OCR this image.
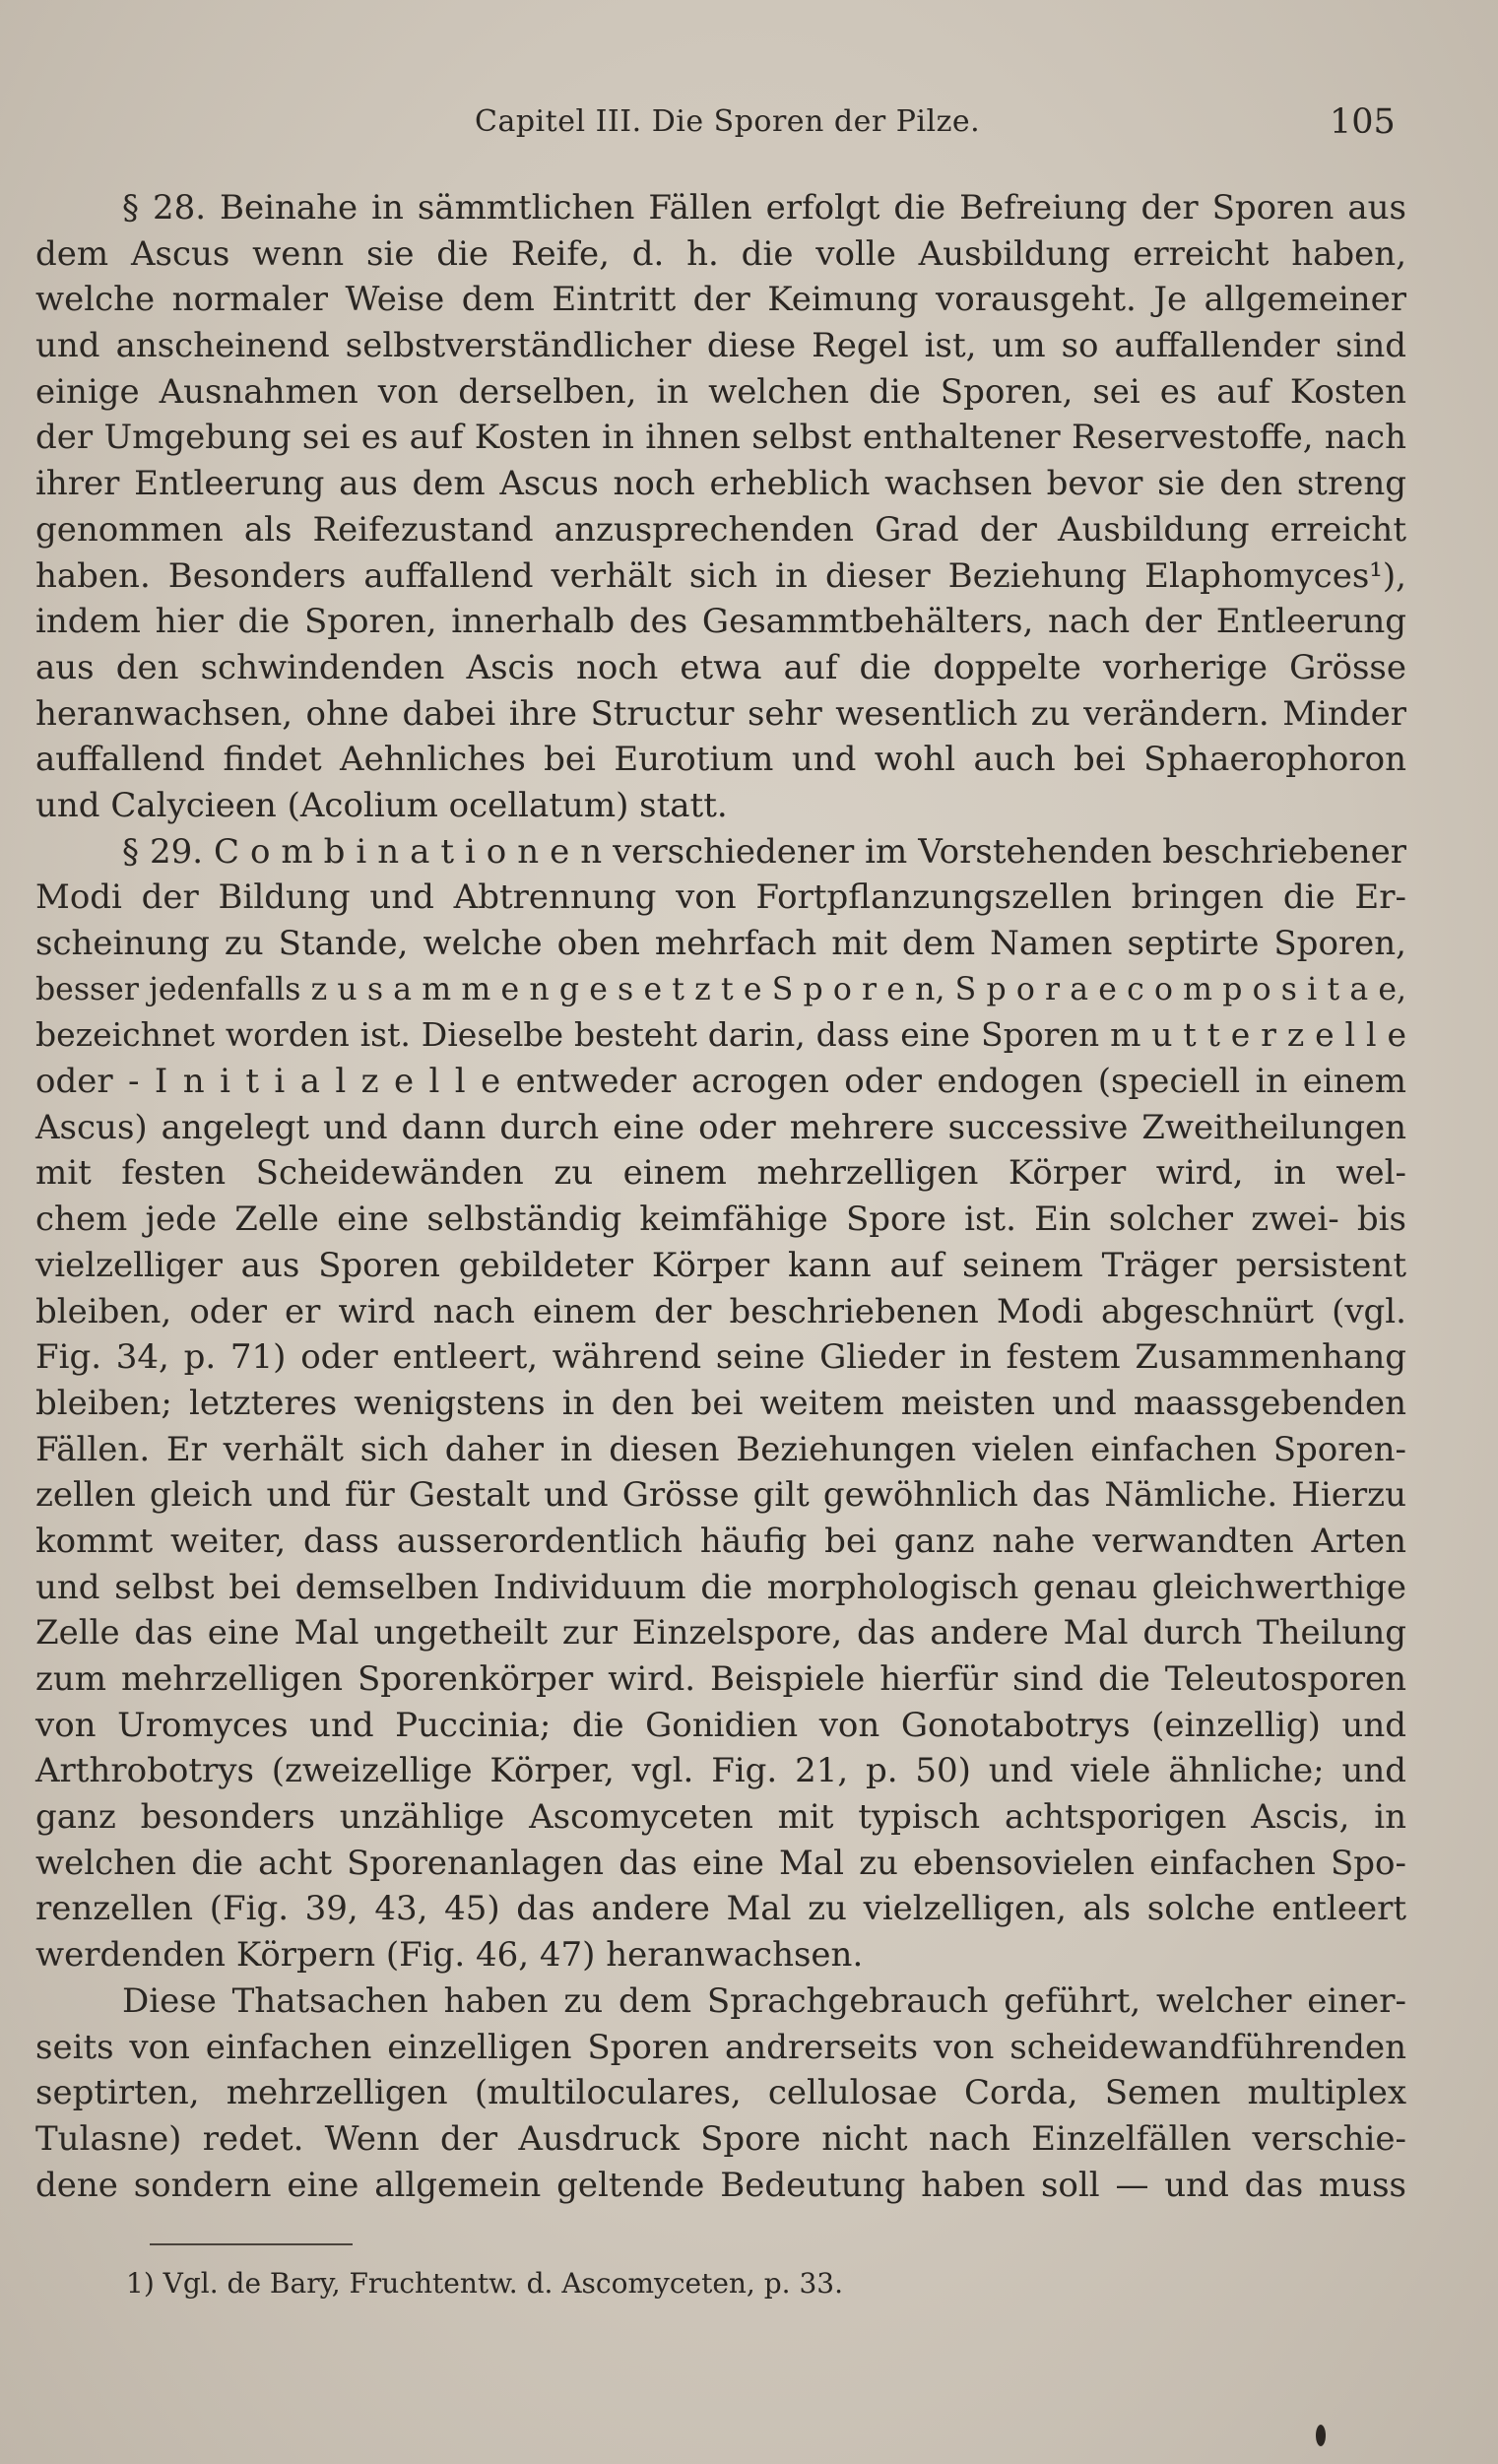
Capitel III. Die Sporen der Pilze.	105
§ 28. Beinahe in sämmtlichen Fällen erfolgt die Befreiung der Sporen aus
dem Ascus wenn sie die Reife, d. h. die volle Ausbildung erreicht haben,
welche normaler Weise dem Eintritt der Keimung vorausgeht. Je allgemeiner
und anscheinend selbstverständlicher diese Regel ist, um so auffallender sind
einige Ausnahmen von derselben, in welchen die Sporen, sei es auf Kosten
der Umgebung sei es auf Kosten in ihnen selbst enthaltener Reservestoffe, nach
ihrer Entleerung aus dem Ascus noch erheblich wachsen bevor sie den streng
genommen als Reifezustand anzusprechenden Grad der Ausbildung erreicht
haben. Besonders auffallend verhält sich in dieser Beziehung Elaphomyces¹),
indem hier die Sporen, innerhalb des Gesammtbehälters, nach der Entleerung
aus den schwindenden Ascis noch etwa auf die doppelte vorherige Grösse
heranwachsen, ohne dabei ihre Structur sehr wesentlich zu verändern. Minder
auffallend findet Aehnliches bei Eurotium und wohl auch bei Sphaerophoron
und Calycieen (Acolium ocellatum) statt.
§ 29. C o m b i n a t i o n e n verschiedener im Vorstehenden beschriebener
Modi der Bildung und Abtrennung von Fortpflanzungszellen bringen die Er-
scheinung zu Stande, welche oben mehrfach mit dem Namen septirte Sporen,
besser jedenfalls z u s a m m e n g e s e t z t e S p o r e n, S p o r a e c o m p o s i t a e,
bezeichnet worden ist. Dieselbe besteht darin, dass eine Sporen m u t t e r z e l l e
oder - I n i t i a l z e l l e entweder acrogen oder endogen (speciell in einem
Ascus) angelegt und dann durch eine oder mehrere successive Zweitheilungen
mit festen Scheidewänden zu einem mehrzelligen Körper wird, in wel-
chem jede Zelle eine selbständig keimfähige Spore ist. Ein solcher zwei- bis
vielzelliger aus Sporen gebildeter Körper kann auf seinem Träger persistent
bleiben, oder er wird nach einem der beschriebenen Modi abgeschnürt (vgl.
Fig. 34, p. 71) oder entleert, während seine Glieder in festem Zusammenhang
bleiben; letzteres wenigstens in den bei weitem meisten und maassgebenden
Fällen. Er verhält sich daher in diesen Beziehungen vielen einfachen Sporen-
zellen gleich und für Gestalt und Grösse gilt gewöhnlich das Nämliche. Hierzu
kommt weiter, dass ausserordentlich häufig bei ganz nahe verwandten Arten
und selbst bei demselben Individuum die morphologisch genau gleichwerthige
Zelle das eine Mal ungetheilt zur Einzelspore, das andere Mal durch Theilung
zum mehrzelligen Sporenkörper wird. Beispiele hierfür sind die Teleutosporen
von Uromyces und Puccinia; die Gonidien von Gonotabotrys (einzellig) und
Arthrobotrys (zweizellige Körper, vgl. Fig. 21, p. 50) und viele ähnliche; und
ganz besonders unzählige Ascomyceten mit typisch achtsporigen Ascis, in
welchen die acht Sporenanlagen das eine Mal zu ebensovielen einfachen Spo-
renzellen (Fig. 39, 43, 45) das andere Mal zu vielzelligen, als solche entleert
werdenden Körpern (Fig. 46, 47) heranwachsen.
Diese Thatsachen haben zu dem Sprachgebrauch geführt, welcher einer-
seits von einfachen einzelligen Sporen andrerseits von scheidewandführenden
septirten, mehrzelligen (multiloculares, cellulosae Corda, Semen multiplex
Tulasne) redet. Wenn der Ausdruck Spore nicht nach Einzelfällen verschie-
dene sondern eine allgemein geltende Bedeutung haben soll — und das muss
1) Vgl. de Bary, Fruchtentw. d. Ascomyceten, p. 33.
